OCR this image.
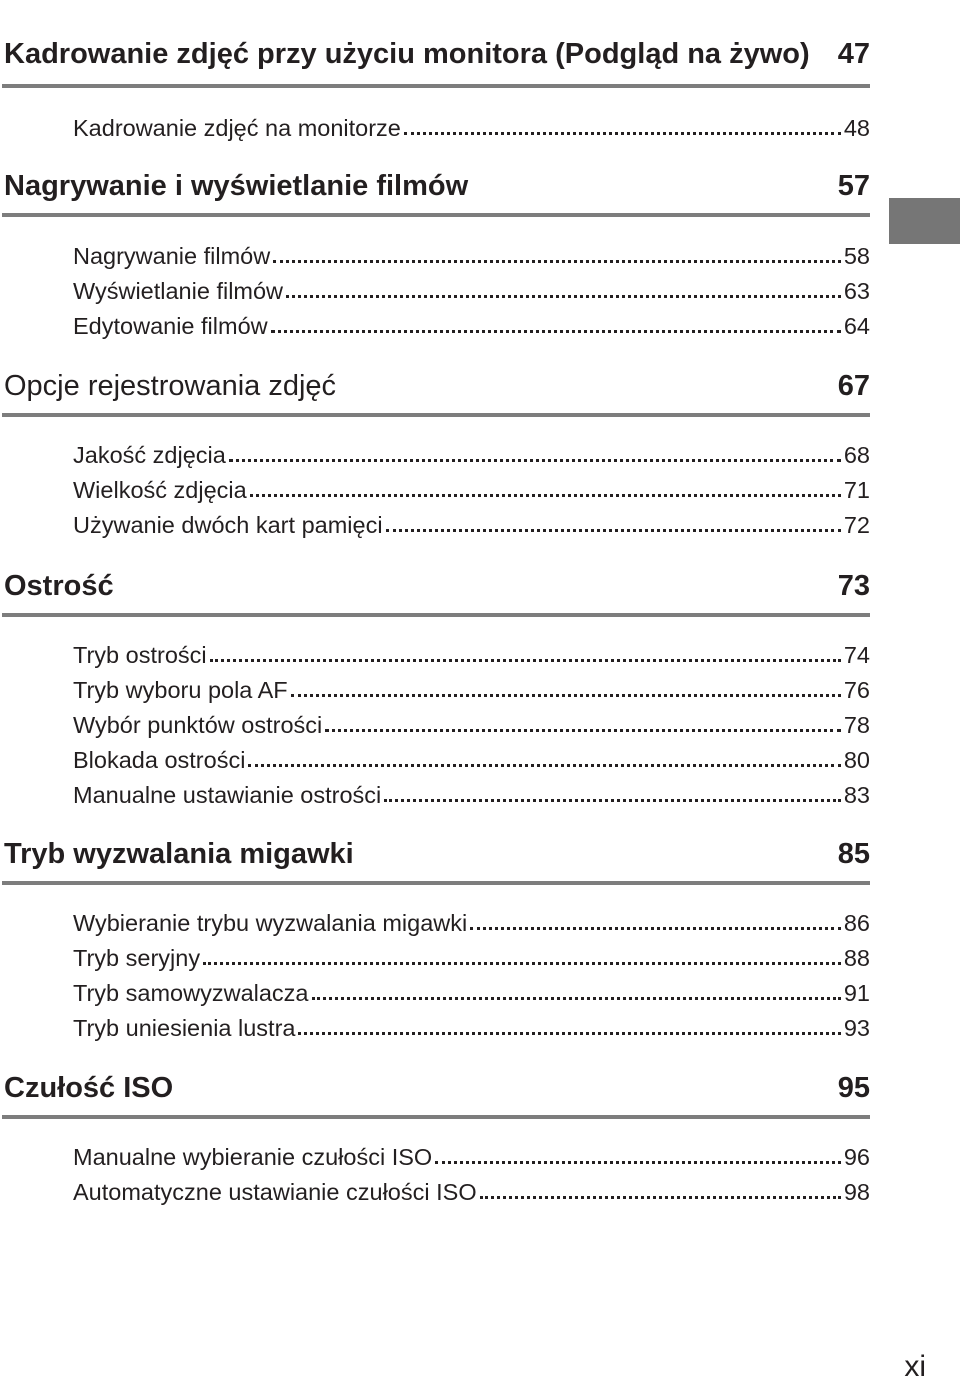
Kadrowanie zdjęć przy użyciu monitora (Podgląd na żywo) 47
Kadrowanie zdjęć na monitorze	48
Nagrywanie i wyświetlanie filmów	57
Nagrywanie filmów	58
Wyświetlanie filmów	63
Edytowanie filmów	64
Opcje rejestrowania zdjęć	67
Jakość zdjęcia	68
Wielkość zdjęcia	71
Używanie dwóch kart pamięci	72
Ostrość	73
Tryb ostrości	74
Tryb wyboru pola AF	76
Wybór punktów ostrości	78
Blokada ostrości	80
Manualne ustawianie ostrości	83
Tryb wyzwalania migawki	85
Wybieranie trybu wyzwalania migawki	86
Tryb seryjny	88
Tryb samowyzwalacza	91
Tryb uniesienia lustra	93
Czułość ISO	95
Manualne wybieranie czułości ISO	96
Automatyczne ustawianie czułości ISO	98
xi
